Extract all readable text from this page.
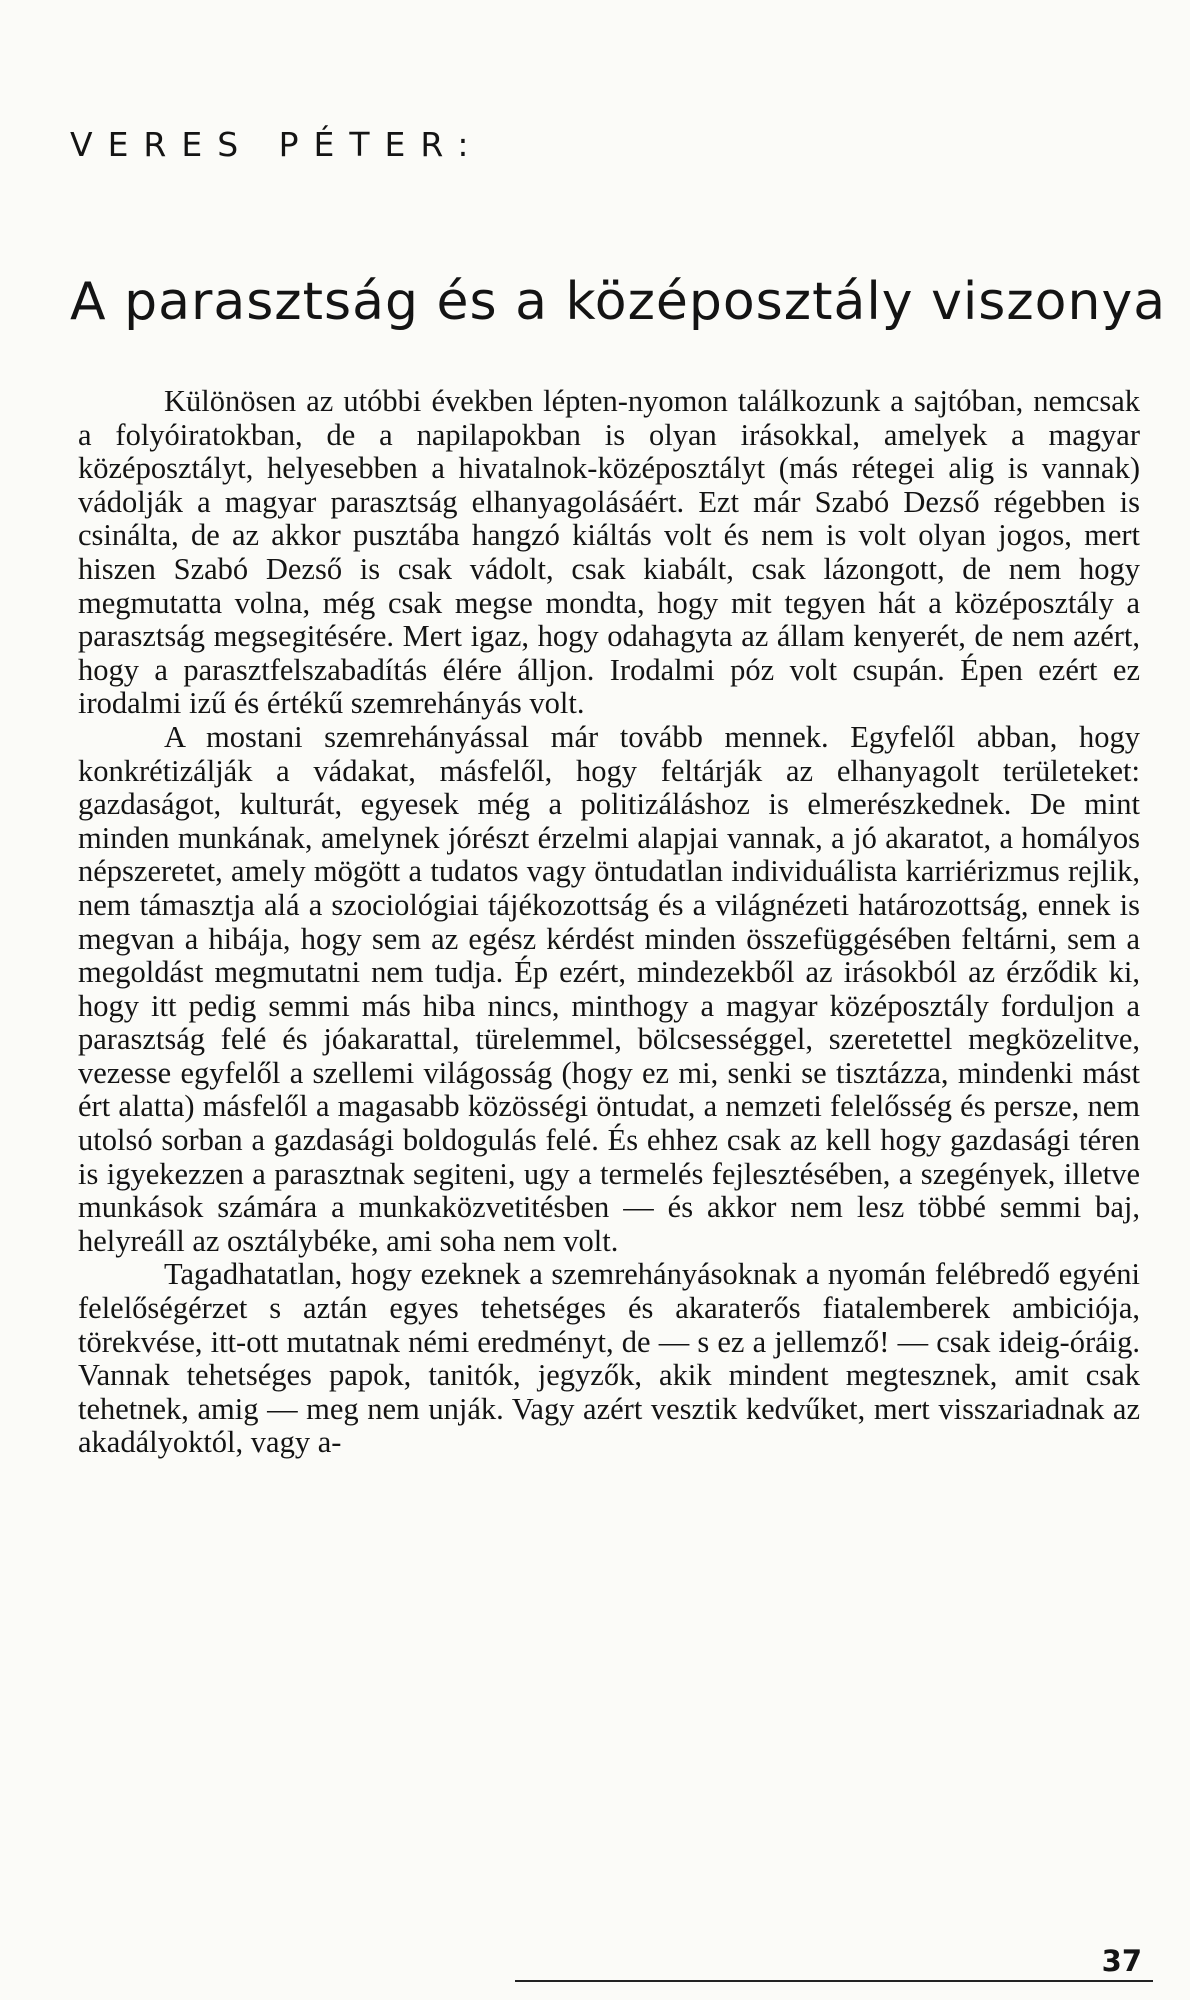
VERES PÉTER:
A parasztság és a középosztály viszonya

Különösen az utóbbi években lépten-nyomon találkozunk a sajtóban, nemcsak a folyóiratokban, de a napilapokban is olyan irásokkal, amelyek a magyar középosztályt, helyesebben a hivatalnok-középosztályt (más rétegei alig is vannak) vádolják a magyar parasztság elhanyagolásáért. Ezt már Szabó Dezső régebben is csinálta, de az akkor pusztába hangzó kiáltás volt és nem is volt olyan jogos, mert hiszen Szabó Dezső is csak vádolt, csak kiabált, csak lázongott, de nem hogy megmutatta volna, még csak megse mondta, hogy mit tegyen hát a középosztály a parasztság megsegitésére. Mert igaz, hogy odahagyta az állam kenyerét, de nem azért, hogy a parasztfelszabadítás élére álljon. Irodalmi póz volt csupán. Épen ezért ez irodalmi izű és értékű szemrehányás volt.

A mostani szemrehányással már tovább mennek. Egyfelől abban, hogy konkrétizálják a vádakat, másfelől, hogy feltárják az elhanyagolt területeket: gazdaságot, kulturát, egyesek még a politizáláshoz is elmerészkednek. De mint minden munkának, amelynek jórészt érzelmi alapjai vannak, a jó akaratot, a homályos népszeretet, amely mögött a tudatos vagy öntudatlan individuálista karriérizmus rejlik, nem támasztja alá a szociológiai tájékozottság és a világnézeti határozottság, ennek is megvan a hibája, hogy sem az egész kérdést minden összefüggésében feltárni, sem a megoldást megmutatni nem tudja. Ép ezért, mindezekből az irásokból az érződik ki, hogy itt pedig semmi más hiba nincs, minthogy a magyar középosztály forduljon a parasztság felé és jóakarattal, türelemmel, bölcsességgel, szeretettel megközelitve, vezesse egyfelől a szellemi világosság (hogy ez mi, senki se tisztázza, mindenki mást ért alatta) másfelől a magasabb közösségi öntudat, a nemzeti felelősség és persze, nem utolsó sorban a gazdasági boldogulás felé. És ehhez csak az kell hogy gazdasági téren is igyekezzen a parasztnak segiteni, ugy a termelés fejlesztésében, a szegények, illetve munkások számára a munkaközvetitésben — és akkor nem lesz többé semmi baj, helyreáll az osztálybéke, ami soha nem volt.

Tagadhatatlan, hogy ezeknek a szemrehányásoknak a nyomán felébredő egyéni felelőségérzet s aztán egyes tehetséges és akaraterős fiatalemberek ambiciója, törekvése, itt-ott mutatnak némi eredményt, de — s ez a jellemző! — csak ideig-óráig. Vannak tehetséges papok, tanitók, jegyzők, akik mindent megtesznek, amit csak tehetnek, amig — meg nem unják. Vagy azért vesztik kedvűket, mert visszariadnak az akadályoktól, vagy a-

37
